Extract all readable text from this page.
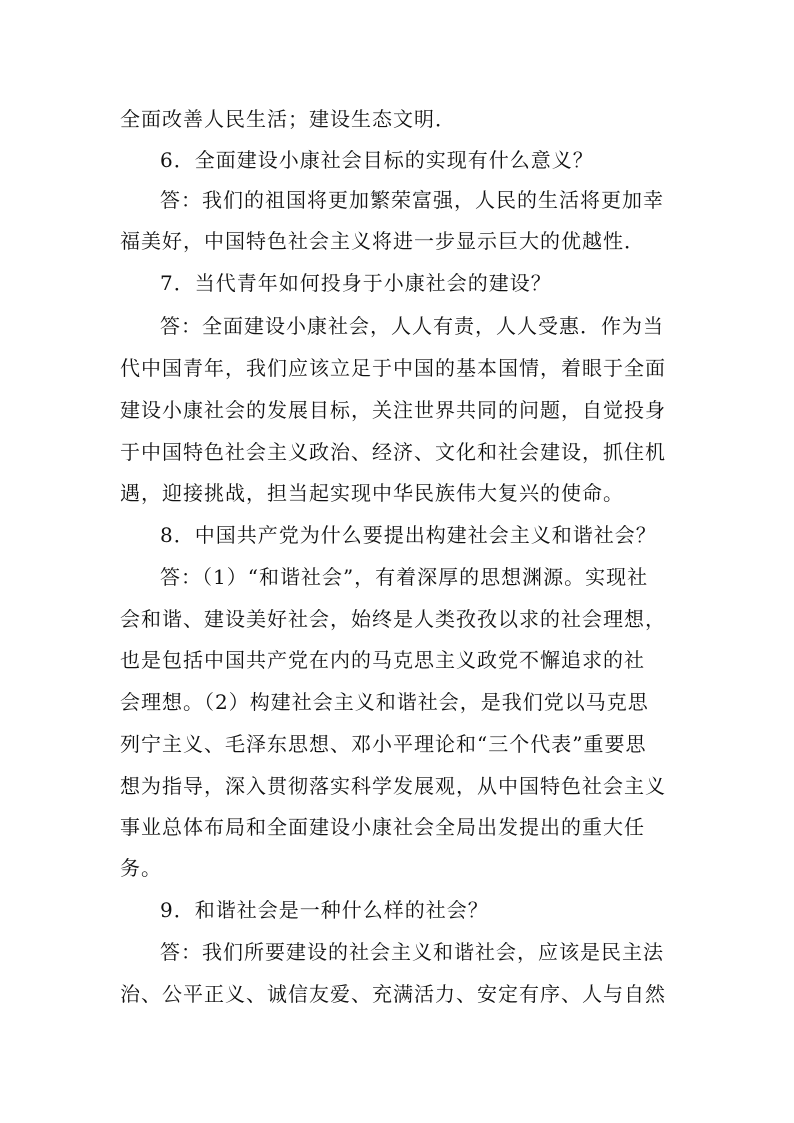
全面改善人民生活；建设生态文明．
6．全面建设小康社会目标的实现有什么意义？
答：我们的祖国将更加繁荣富强，人民的生活将更加幸
福美好，中国特色社会主义将进一步显示巨大的优越性．
7．当代青年如何投身于小康社会的建设？
答：全面建设小康社会，人人有责，人人受惠．作为当
代中国青年，我们应该立足于中国的基本国情，着眼于全面
建设小康社会的发展目标，关注世界共同的问题，自觉投身
于中国特色社会主义政治、经济、文化和社会建设，抓住机
遇，迎接挑战，担当起实现中华民族伟大复兴的使命。
8．中国共产党为什么要提出构建社会主义和谐社会？
答：（1）“和谐社会”，有着深厚的思想渊源。实现社
会和谐、建设美好社会，始终是人类孜孜以求的社会理想，
也是包括中国共产党在内的马克思主义政党不懈追求的社
会理想。（2）构建社会主义和谐社会，是我们党以马克思
列宁主义、毛泽东思想、邓小平理论和“三个代表”重要思
想为指导，深入贯彻落实科学发展观，从中国特色社会主义
事业总体布局和全面建设小康社会全局出发提出的重大任
务。
9．和谐社会是一种什么样的社会？
答：我们所要建设的社会主义和谐社会，应该是民主法
治、公平正义、诚信友爱、充满活力、安定有序、人与自然
